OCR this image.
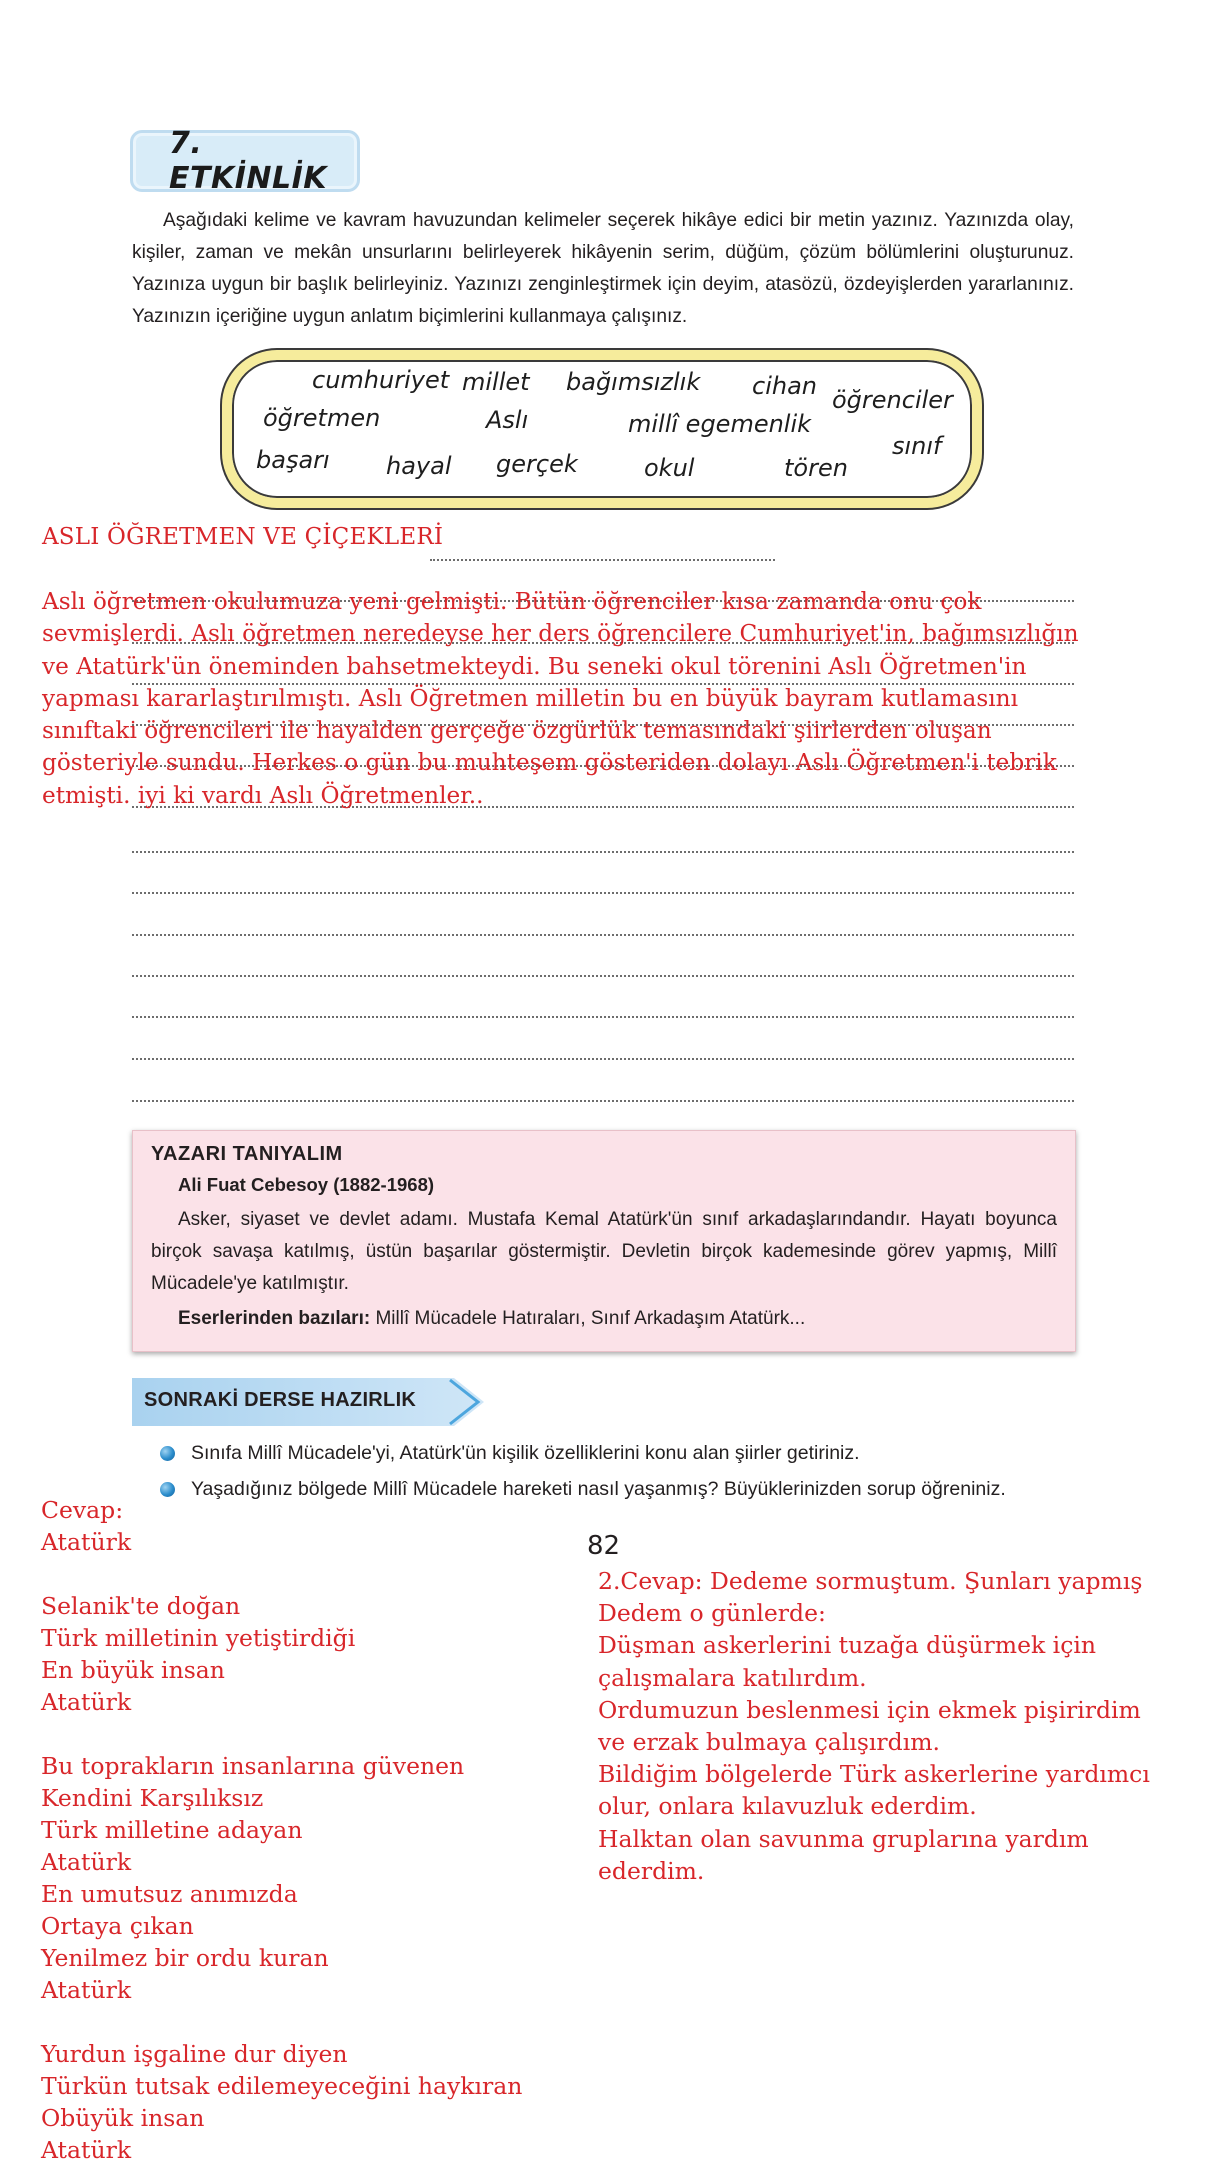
7. ETKİNLİK

Aşağıdaki kelime ve kavram havuzundan kelimeler seçerek hikâye edici bir metin yazınız. Yazınızda olay, kişiler, zaman ve mekân unsurlarını belirleyerek hikâyenin serim, düğüm, çözüm bölümlerini oluşturunuz. Yazınıza uygun bir başlık belirleyiniz. Yazınızı zenginleştirmek için deyim, atasözü, özdeyişlerden yararlanınız. Yazınızın içeriğine uygun anlatım biçimlerini kullanmaya çalışınız.

cumhuriyet millet bağımsızlık cihan öğrenciler
öğretmen	Aslı	millî egemenlik
sınıf
başarı hayal gerçek	okul	tören
ASLI ÖĞRETMEN VE ÇİÇEKLERİ
Aslı öğretmen okulumuza yeni gelmişti. Bütün öğrenciler kısa zamanda onu çok sevmişlerdi. Aslı öğretmen neredeyse her ders öğrencilere Cumhuriyet'in, bağımsızlığın ve Atatürk'ün öneminden bahsetmekteydi. Bu seneki okul törenini Aslı Öğretmen'in yapması kararlaştırılmıştı. Aslı Öğretmen milletin bu en büyük bayram kutlamasını sınıftaki öğrencileri ile hayalden gerçeğe özgürlük temasındaki şiirlerden oluşan gösteriyle sundu. Herkes o gün bu muhteşem gösteriden dolayı Aslı Öğretmen'i tebrik etmişti. iyi ki vardı Aslı Öğretmenler..
YAZARI TANIYALIM
Ali Fuat Cebesoy (1882-1968)

Asker, siyaset ve devlet adamı. Mustafa Kemal Atatürk'ün sınıf arkadaşlarındandır. Hayatı boyunca birçok savaşa katılmış, üstün başarılar göstermiştir. Devletin birçok kademesinde görev yapmış, Millî Mücadele'ye katılmıştır.

Eserlerinden bazıları: Millî Mücadele Hatıraları, Sınıf Arkadaşım Atatürk...
SONRAKİ DERSE HAZIRLIK
Sınıfa Millî Mücadele'yi, Atatürk'ün kişilik özelliklerini konu alan şiirler getiriniz.
Yaşadığınız bölgede Millî Mücadele hareketi nasıl yaşanmış? Büyüklerinizden sorup öğreniniz.
82
Cevap:
Atatürk

Selanik'te doğan
Türk milletinin yetiştirdiği
En büyük insan
Atatürk

Bu toprakların insanlarına güvenen
Kendini Karşılıksız
Türk milletine adayan
Atatürk
En umutsuz anımızda
Ortaya çıkan
Yenilmez bir ordu kuran
Atatürk

Yurdun işgaline dur diyen
Türkün tutsak edilemeyeceğini haykıran
Obüyük insan
Atatürk
2.Cevap: Dedeme sormuştum. Şunları yapmış
Dedem o günlerde:
Düşman askerlerini tuzağa düşürmek için
çalışmalara katılırdım.
Ordumuzun beslenmesi için ekmek pişirirdim
ve erzak bulmaya çalışırdım.
Bildiğim bölgelerde Türk askerlerine yardımcı
olur, onlara kılavuzluk ederdim.
Halktan olan savunma gruplarına yardım
ederdim.
